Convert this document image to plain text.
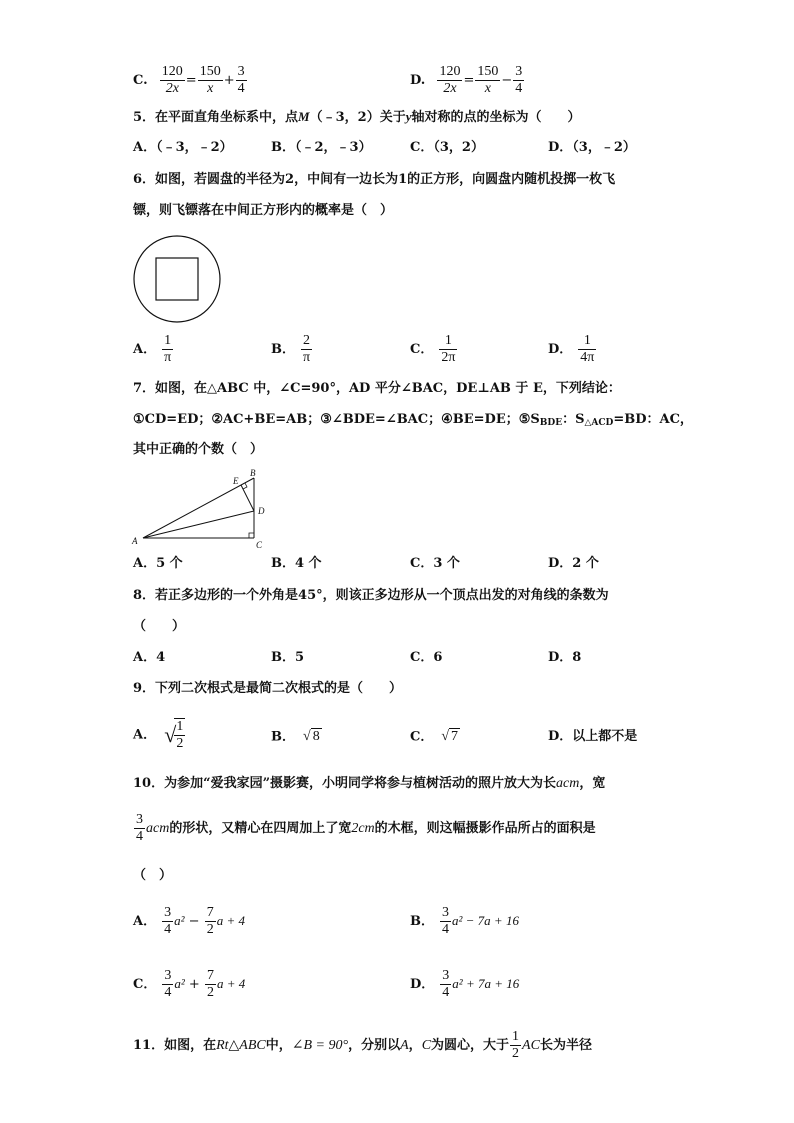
C. $\frac{120}{2x} = \frac{150}{x} + \frac{3}{4}$	D. $\frac{120}{2x} = \frac{150}{x} - \frac{3}{4}$
5．在平面直角坐标系中，点M（﹣3，2）关于y轴对称的点的坐标为（　　）
A．（﹣3，﹣2）	B．（﹣2，﹣3）	C．（3，2）	D．（3，﹣2）
6．如图，若圆盘的半径为2，中间有一边长为1的正方形，向圆盘内随机投掷一枚飞
镖，则飞镖落在中间正方形内的概率是（　）
A． $\frac{1}{\pi}$	B． $\frac{2}{\pi}$	C． $\frac{1}{2\pi}$	D． $\frac{1}{4\pi}$
7．如图，在△ABC 中，∠C=90°，AD 平分∠BAC，DE⊥AB 于 E，下列结论：
①CD=ED；②AC+BE=AB；③∠BDE=∠BAC；④BE=DE；$⑤S_{BDE}$：$S_{\triangle ACD}=BD$：AC，
其中正确的个数（　）
A
B
C
D
E
A．5 个	B．4 个	C．3 个	D．2 个
8．若正多边形的一个外角是45°，则该正多边形从一个顶点出发的对角线的条数为
（　　）
A．4	B．5	C．6	D．8
9．下列二次根式是最简二次根式的是（　　）
A． √
$\frac{1}{2}$	B． √ 8	C． √ 7	D．以上都不是
10．为参加“爱我家园”摄影赛，小明同学将参与植树活动的照片放大为长acm，宽
$\frac{3}{4}$ acm的形状，又精心在四周加上了宽2cm的木框，则这幅摄影作品所占的面积是
（　）
A． $\frac{3}{4} a^2 - \frac{7}{2}$ a + 4	B． $\frac{3}{4} a^2 - 7a + 16$
C． $\frac{3}{4} a^2 + \frac{7}{2}$ a + 4	D． $\frac{3}{4} a^2 + 7a + 16$
11．如图，在Rt△ABC中，∠B = 90°，分别以A，C为圆心，大于 $\frac{1}{2}$ AC长为半径
